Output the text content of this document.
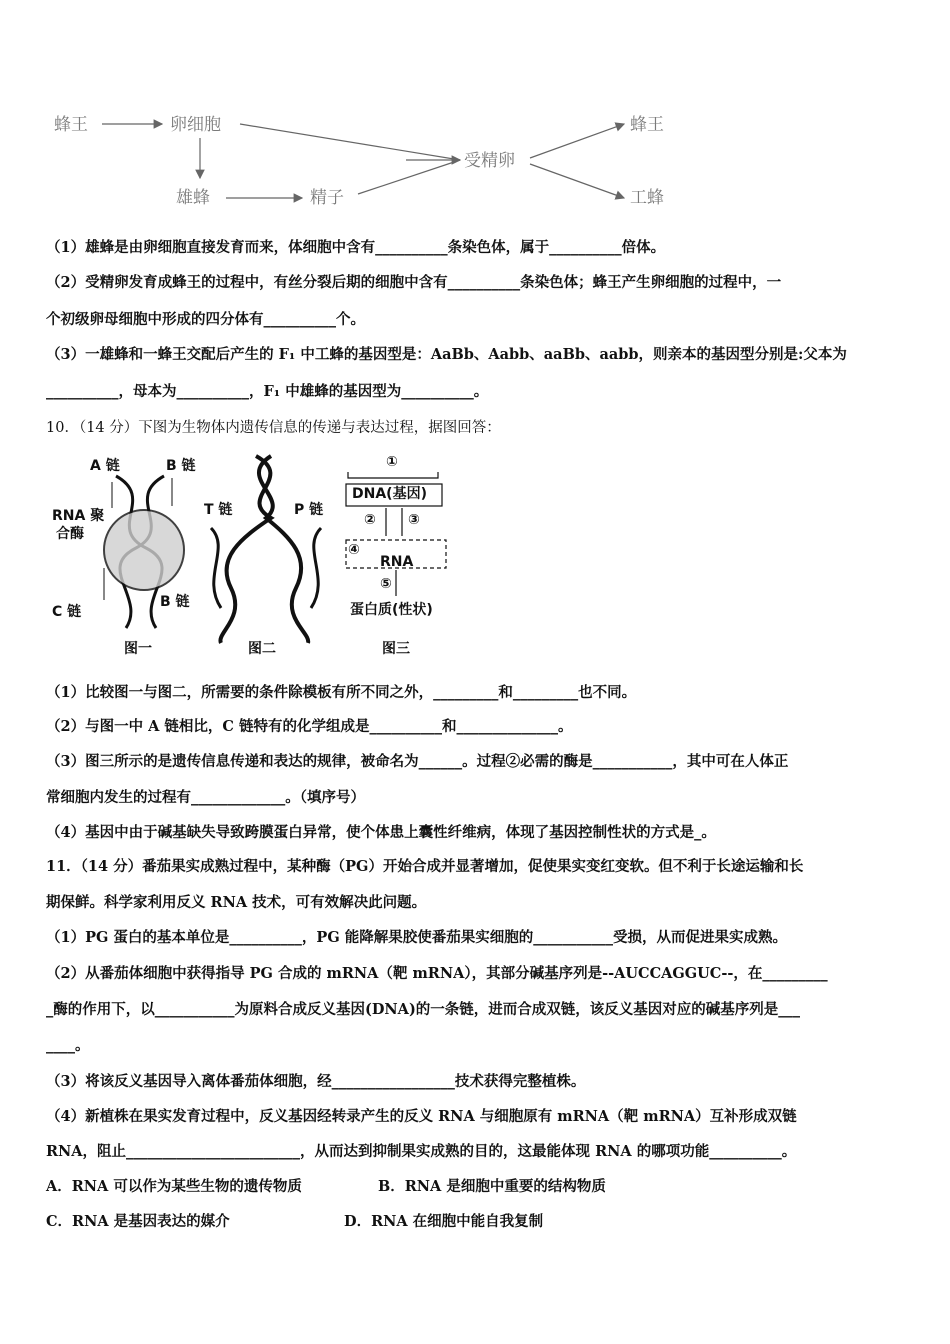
蜂王	卵细胞
雄蜂	精子
受精卵
蜂王
工蜂
（1）雄蜂是由卵细胞直接发育而来，体细胞中含有__________条染色体，属于__________倍体。
（2）受精卵发育成蜂王的过程中，有丝分裂后期的细胞中含有__________条染色体；蜂王产生卵细胞的过程中，一
个初级卵母细胞中形成的四分体有__________个。
（3）一雄蜂和一蜂王交配后产生的 F₁ 中工蜂的基因型是：AaBb、Aabb、aaBb、aabb，则亲本的基因型分别是:父本为
__________，母本为__________，F₁ 中雄蜂的基因型为__________。
10．（14 分）下图为生物体内遗传信息的传递与表达过程，据图回答：
A 链	B 链
RNA 聚
合酶
C 链
B 链
图一
T 链	P 链
图二
①
DNA(基因)
② ③
④
RNA
⑤
蛋白质(性状)
图三
（1）比较图一与图二，所需要的条件除模板有所不同之外，_________和_________也不同。
（2）与图一中 A 链相比，C 链特有的化学组成是__________和______________。
（3）图三所示的是遗传信息传递和表达的规律，被命名为______。过程②必需的酶是___________，其中可在人体正
常细胞内发生的过程有_____________。（填序号）
（4）基因中由于碱基缺失导致跨膜蛋白异常，使个体患上囊性纤维病，体现了基因控制性状的方式是_。
11．（14 分）番茄果实成熟过程中，某种酶（PG）开始合成并显著增加，促使果实变红变软。但不利于长途运输和长
期保鲜。科学家利用反义 RNA 技术，可有效解决此问题。
（1）PG 蛋白的基本单位是__________，PG 能降解果胶使番茄果实细胞的___________受损，从而促进果实成熟。
（2）从番茄体细胞中获得指导 PG 合成的 mRNA（靶 mRNA），其部分碱基序列是--AUCCAGGUC--，在_________
_酶的作用下，以___________为原料合成反义基因(DNA)的一条链，进而合成双链，该反义基因对应的碱基序列是___
____。
（3）将该反义基因导入离体番茄体细胞，经_________________技术获得完整植株。
（4）新植株在果实发育过程中，反义基因经转录产生的反义 RNA 与细胞原有 mRNA（靶 mRNA）互补形成双链
RNA，阻止________________________，从而达到抑制果实成熟的目的，这最能体现 RNA 的哪项功能__________。
A．RNA 可以作为某些生物的遗传物质	B．RNA 是细胞中重要的结构物质
C．RNA 是基因表达的媒介	D．RNA 在细胞中能自我复制
